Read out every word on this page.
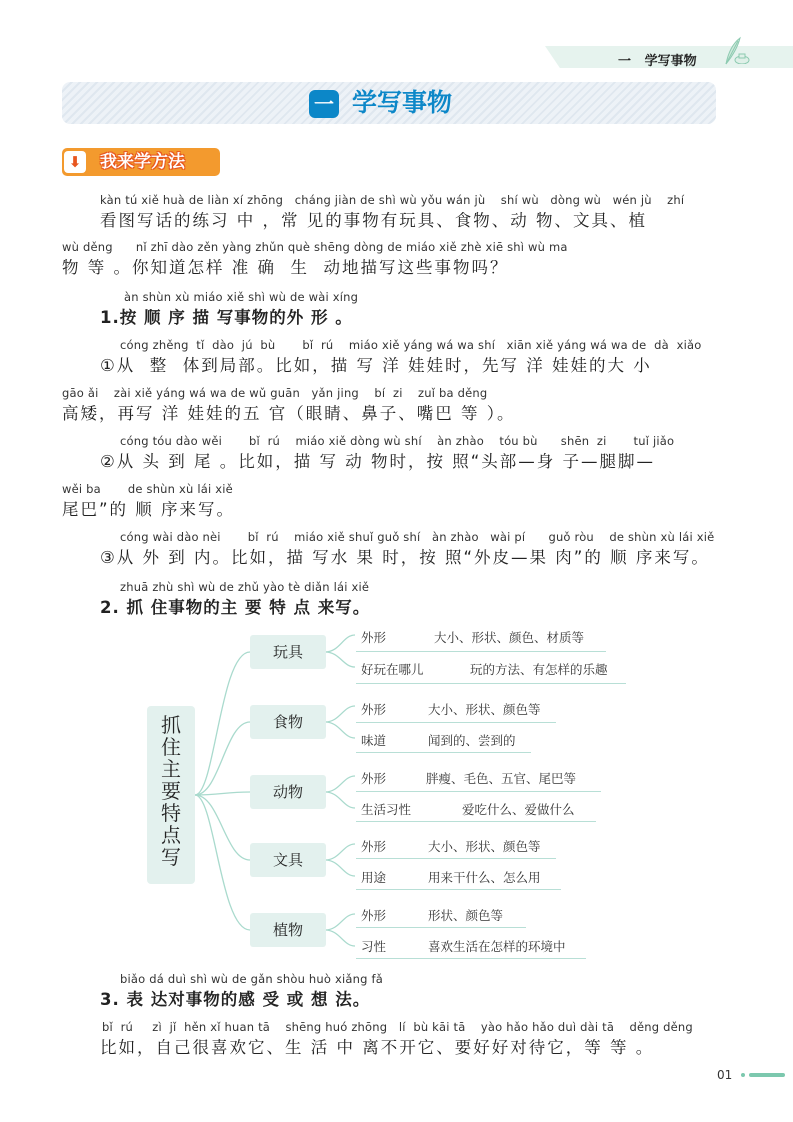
一   学写事物
一 学写事物
⬇ 我来学方法
kàn tú xiě huà de liàn xí zhōng   cháng jiàn de shì wù yǒu wán jù    shí wù   dòng wù   wén jù    zhí
看图写话的练习 中 ，常 见的事物有玩具、食物、动 物、文具、植
wù děng      nǐ zhī dào zěn yàng zhǔn què shēng dòng de miáo xiě zhè xiē shì wù ma
物 等 。你知道怎样 准 确  生  动地描写这些事物吗？
àn shùn xù miáo xiě shì wù de wài xíng
1.按 顺 序 描 写事物的外 形 。
cóng zhěng  tǐ  dào  jú  bù       bǐ  rú    miáo xiě yáng wá wa shí   xiān xiě yáng wá wa de  dà  xiǎo
①从  整  体到局部。比如，描 写 洋 娃娃时，先写 洋 娃娃的大 小
gāo ǎi    zài xiě yáng wá wa de wǔ guān   yǎn jing    bí  zi    zuǐ ba děng
高矮，再写 洋 娃娃的五 官（眼睛、鼻子、嘴巴 等 ）。
cóng tóu dào wěi       bǐ  rú    miáo xiě dòng wù shí    àn zhào    tóu bù      shēn  zi       tuǐ jiǎo
②从 头 到 尾 。比如，描 写 动 物时，按 照“头部—身 子—腿脚—
wěi ba       de shùn xù lái xiě
尾巴”的 顺 序来写。
cóng wài dào nèi       bǐ  rú    miáo xiě shuǐ guǒ shí   àn zhào   wài pí      guǒ ròu    de shùn xù lái xiě
③从 外 到 内。比如，描 写水 果 时，按 照“外皮—果 肉”的 顺 序来写。
zhuā zhù shì wù de zhǔ yào tè diǎn lái xiě
2. 抓 住事物的主 要 特 点 来写。
抓
住
主
要
特
点
写
玩具
外形	大小、形状、颜色、材质等
好玩在哪儿	玩的方法、有怎样的乐趣
食物
外形	大小、形状、颜色等
味道	闻到的、尝到的
动物
外形	胖瘦、毛色、五官、尾巴等
生活习性	爱吃什么、爱做什么
文具
外形	大小、形状、颜色等
用途	用来干什么、怎么用
植物
外形	形状、颜色等
习性	喜欢生活在怎样的环境中
biǎo dá duì shì wù de gǎn shòu huò xiǎng fǎ
3. 表 达对事物的感 受 或 想 法。
bǐ  rú     zì  jǐ  hěn xǐ huan tā    shēng huó zhōng   lí  bù kāi tā    yào hǎo hǎo duì dài tā    děng děng
比如，自己很喜欢它、生 活 中 离不开它、要好好对待它，等 等 。
01
